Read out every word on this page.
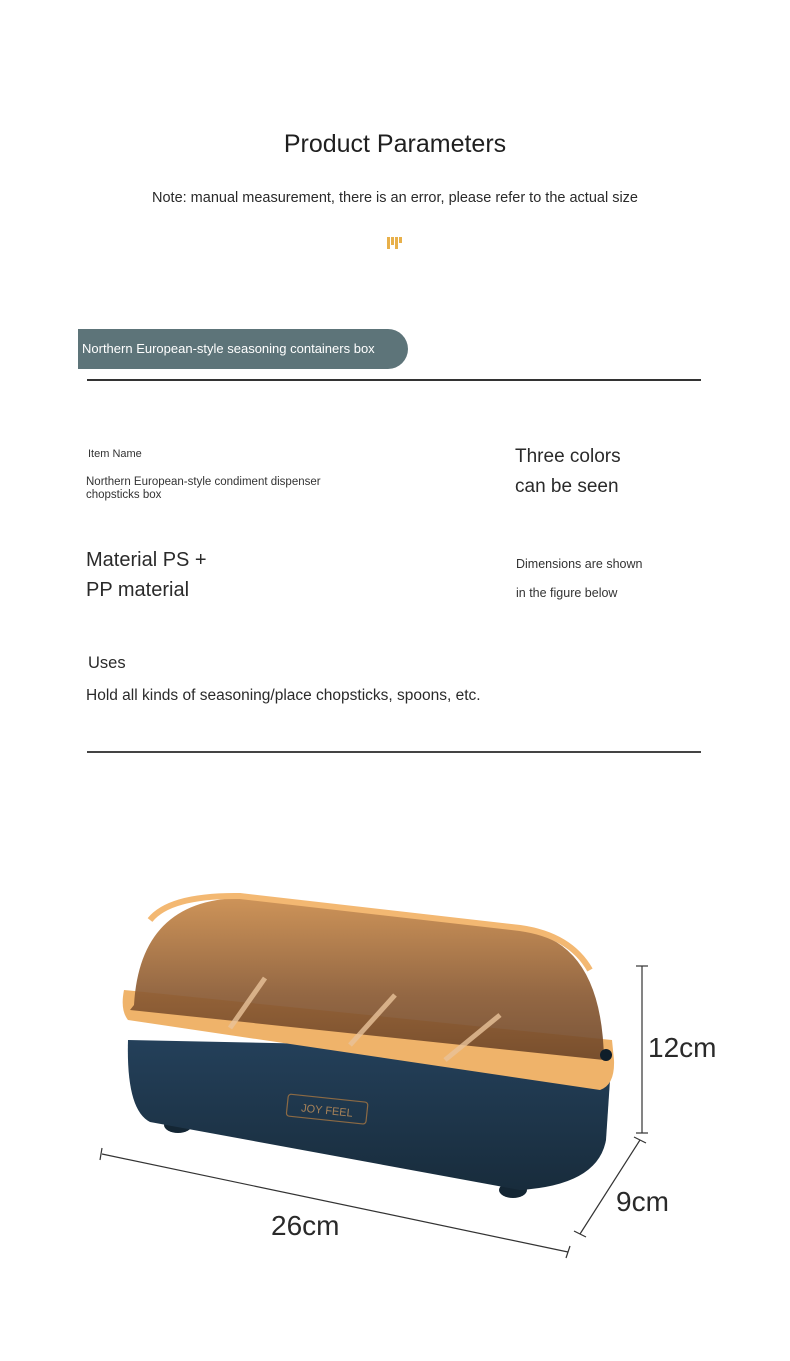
Product Parameters
Note: manual measurement, there is an error, please refer to the actual size
Northern European-style seasoning containers box
Item Name
Northern European-style condiment dispenser chopsticks box
Three colors
can be seen
Material PS +
PP material
Dimensions are shown
in the figure below
Uses
Hold all kinds of seasoning/place chopsticks, spoons, etc.
JOY FEEL
12cm
9cm
26cm
